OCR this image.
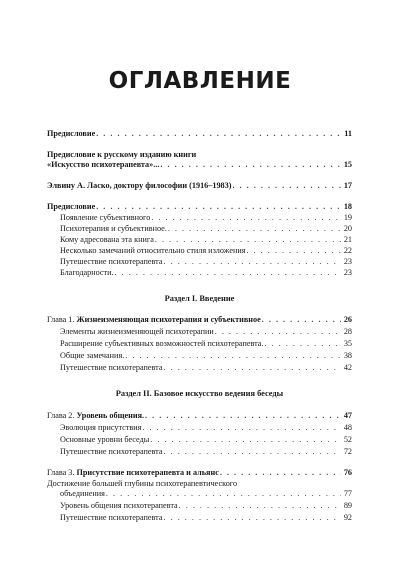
ОГЛАВЛЕНИЕ
Предисловие . . .	11
Предисловие к русскому изданию книги
«Искусство психотерапевта»... . . .	15
Элвину А. Ласко, доктору философии (1916–1983) . . .	17
Предисловие . . .	18
Появление субъективного . . .	19
Психотерапия и субъективное. . . .	20
Кому адресована эта книга . . .	21
Несколько замечаний относительно стиля изложения . . .	22
Путешествие психотерапевта . . .	23
Благодарности. . . .	23
Раздел I. Введение
Глава 1. Жизнеизменяющая психотерапия и субъективное . . .	26
Элементы жизнеизменяющей психотерапии . . .	28
Расширение субъективных возможностей психотерапевта. . . .	35
Общие замечания. . . .	38
Путешествие психотерапевта . . .	42
Раздел II. Базовое искусство ведения беседы
Глава 2. Уровень общения. . . .	47
Эволюция присутствия . . .	48
Основные уровни беседы . . .	52
Путешествие психотерапевта . . .	72
Глава 3. Присутствие психотерапевта и альянс . . .	76
Достижение большей глубины психотерапевтического
объединения . . .	77
Уровень общения психотерапевта . . .	89
Путешествие психотерапевта . . .	92
